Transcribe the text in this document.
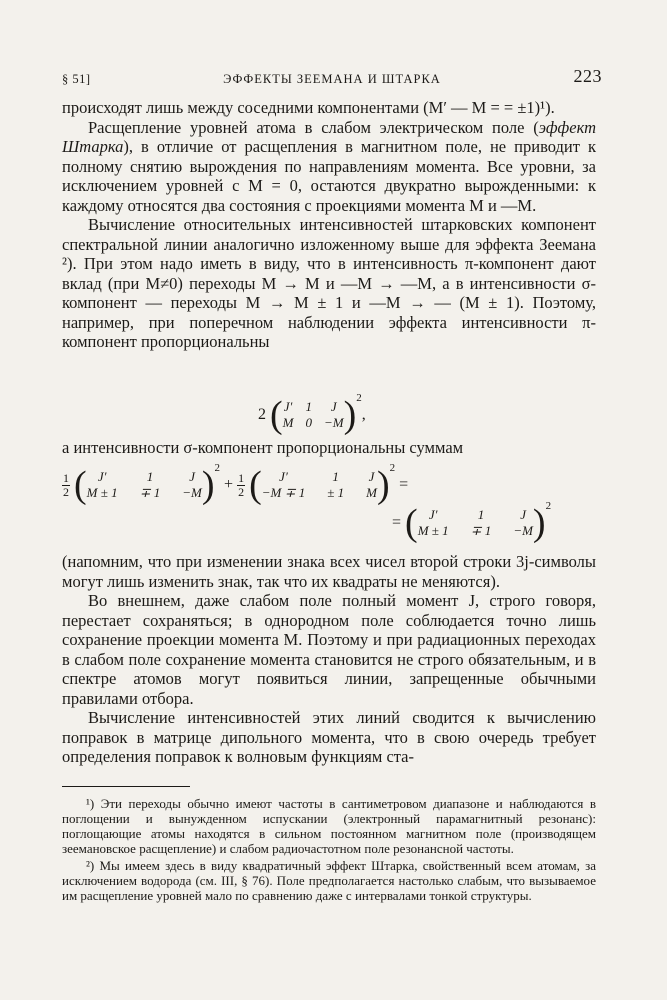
§ 51]	ЭФФЕКТЫ ЗЕЕМАНА И ШТАРКА	223

происходят лишь между соседними компонентами (M′ — M = = ±1)¹).

Расщепление уровней атома в слабом электрическом поле (эффект Штарка), в отличие от расщепления в магнитном поле, не приводит к полному снятию вырождения по направлениям момента. Все уровни, за исключением уровней с M = 0, остаются двукратно вырожденными: к каждому относятся два состояния с проекциями момента M и —M.

Вычисление относительных интенсивностей штарковских компонент спектральной линии аналогично изложенному выше для эффекта Зеемана ²). При этом надо иметь в виду, что в интенсивность π-компонент дают вклад (при M≠0) переходы M → M и —M → —M, а в интенсивности σ-компонент — переходы M → M ± 1 и —M → — (M ± 1). Поэтому, например, при поперечном наблюдении эффекта интенсивности π-компонент пропорциональны

2 ( J′
M
1
0
J
−M ) $^2$,

а интенсивности σ-компонент пропорциональны суммам

$\frac{1}{2}$
( J′
M ± 1
1
∓ 1
J
−M ) $^2 + \frac{1}{2}$
( J′
−M ∓ 1
1
± 1
J
M ) $^2$ =
= ( J′
M ± 1
1
∓ 1
J
−M ) $^2$

(напомним, что при изменении знака всех чисел второй строки 3j-символы могут лишь изменить знак, так что их квадраты не меняются).

Во внешнем, даже слабом поле полный момент J, строго говоря, перестает сохраняться; в однородном поле соблюдается точно лишь сохранение проекции момента M. Поэтому и при радиационных переходах в слабом поле сохранение момента становится не строго обязательным, и в спектре атомов могут появиться линии, запрещенные обычными правилами отбора.

Вычисление интенсивностей этих линий сводится к вычислению поправок в матрице дипольного момента, что в свою очередь требует определения поправок к волновым функциям ста-

¹) Эти переходы обычно имеют частоты в сантиметровом диапазоне и наблюдаются в поглощении и вынужденном испускании (электронный парамагнитный резонанс): поглощающие атомы находятся в сильном постоянном магнитном поле (производящем зеемановское расщепление) и слабом радиочастотном поле резонансной частоты.

²) Мы имеем здесь в виду квадратичный эффект Штарка, свойственный всем атомам, за исключением водорода (см. III, § 76). Поле предполагается настолько слабым, что вызываемое им расщепление уровней мало по сравнению даже с интервалами тонкой структуры.
